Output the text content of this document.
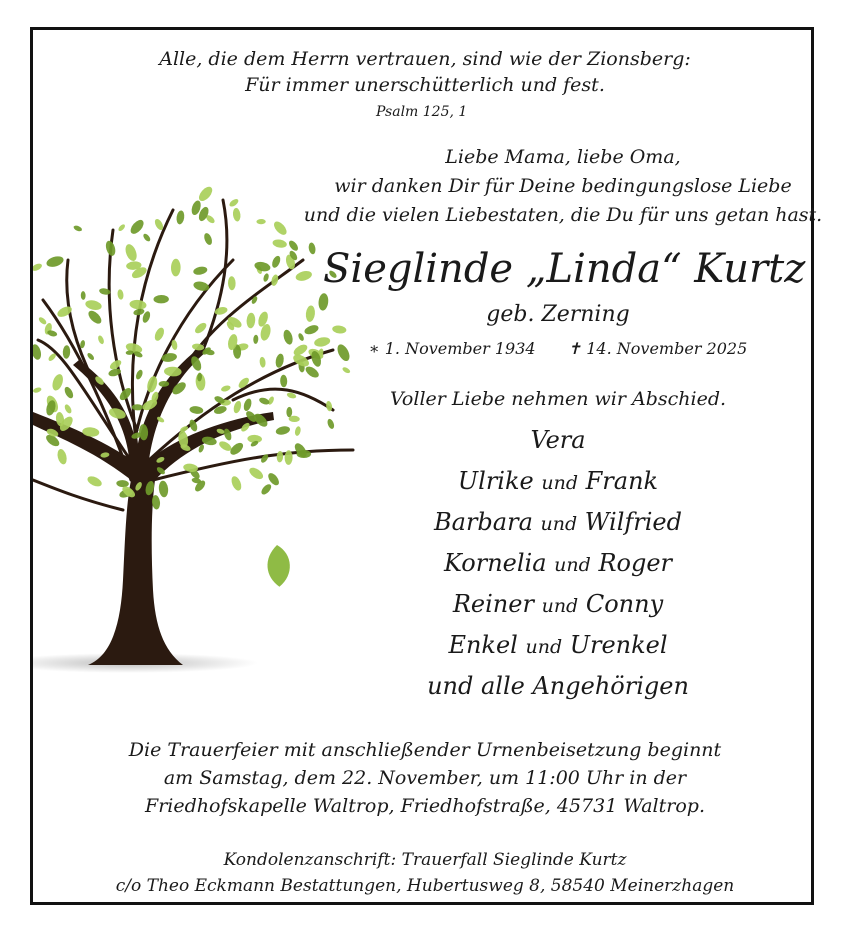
Alle, die dem Herrn vertrauen, sind wie der Zionsberg:
Für immer unerschütterlich und fest.
Psalm 125, 1
Liebe Mama, liebe Oma,
wir danken Dir für Deine bedingungslose Liebe
und die vielen Liebestaten, die Du für uns getan hast.
Sieglinde „Linda“ Kurtz
geb. Zerning
∗ 1. November 1934 ✝ 14. November 2025
Voller Liebe nehmen wir Abschied.
Vera
Ulrike und Frank
Barbara und Wilfried
Kornelia und Roger
Reiner und Conny
Enkel und Urenkel
und alle Angehörigen
Die Trauerfeier mit anschließender Urnenbeisetzung beginnt
am Samstag, dem 22. November, um 11:00 Uhr in der
Friedhofskapelle Waltrop, Friedhofstraße, 45731 Waltrop.
Kondolenzanschrift: Trauerfall Sieglinde Kurtz
c/o Theo Eckmann Bestattungen, Hubertusweg 8, 58540 Meinerzhagen
